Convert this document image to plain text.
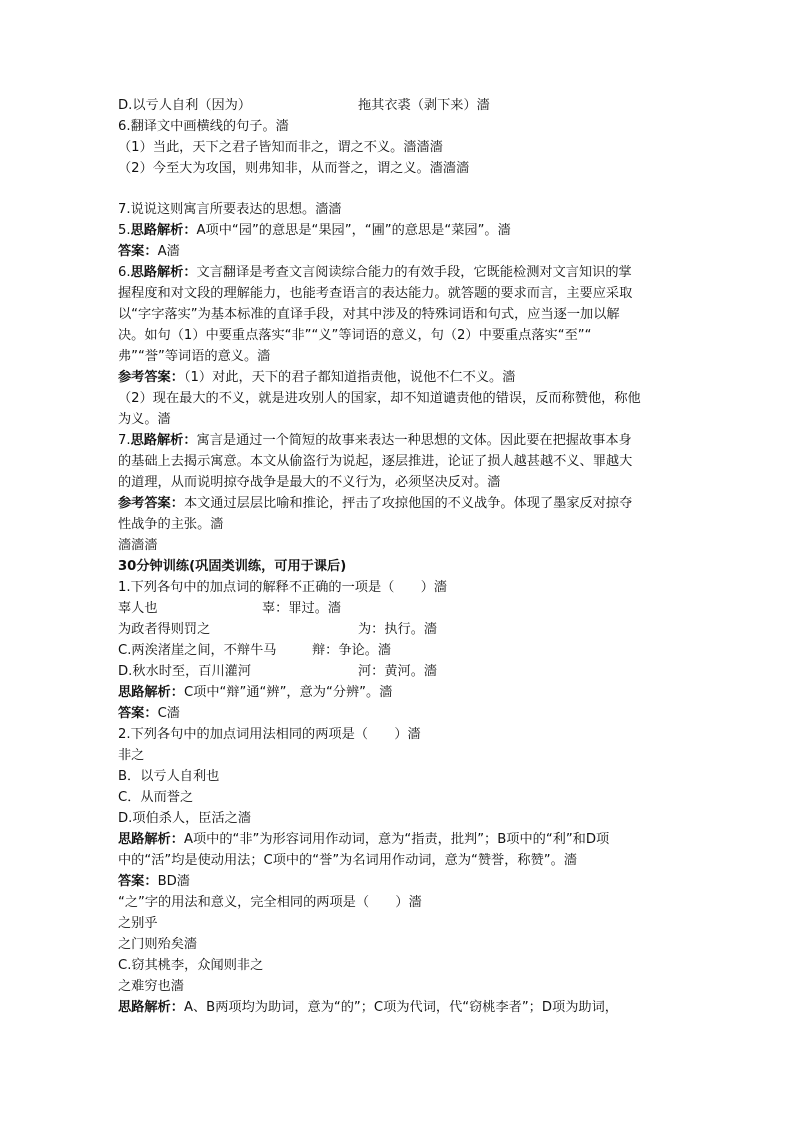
D.以亏人自利（因为）	拖其衣裘（剥下来）濇
6.翻译文中画横线的句子。濇
（1）当此，天下之君子皆知而非之，谓之不义。濇濇濇
（2）今至大为攻国，则弗知非，从而誉之，谓之义。濇濇濇
7.说说这则寓言所要表达的思想。濇濇
5.思路解析：A项中“园”的意思是“果园”，“圃”的意思是“菜园”。濇
答案：A濇
6.思路解析：文言翻译是考查文言阅读综合能力的有效手段，它既能检测对文言知识的掌
握程度和对文段的理解能力，也能考查语言的表达能力。就答题的要求而言，主要应采取
以“字字落实”为基本标准的直译手段，对其中涉及的特殊词语和句式，应当逐一加以解
决。如句（1）中要重点落实“非”“义”等词语的意义，句（2）中要重点落实“至”“
弗”“誉”等词语的意义。濇
参考答案：（1）对此，天下的君子都知道指责他，说他不仁不义。濇
（2）现在最大的不义，就是进攻别人的国家，却不知道谴责他的错误，反而称赞他，称他
为义。濇
7.思路解析：寓言是通过一个简短的故事来表达一种思想的文体。因此要在把握故事本身
的基础上去揭示寓意。本文从偷盗行为说起，逐层推进，论证了损人越甚越不义、罪越大
的道理，从而说明掠夺战争是最大的不义行为，必须坚决反对。濇
参考答案：本文通过层层比喻和推论，抨击了攻掠他国的不义战争。体现了墨家反对掠夺
性战争的主张。濇
濇濇濇
30分钟训练(巩固类训练，可用于课后)
1.下列各句中的加点词的解释不正确的一项是（　　）濇
辜人也	辜：罪过。濇
为政者得则罚之	为：执行。濇
C.两涘渚崖之间，不辩牛马	辩：争论。濇
D.秋水时至，百川灌河	河：黄河。濇
思路解析：C项中“辩”通“辨”，意为“分辨”。濇
答案：C濇
2.下列各句中的加点词用法相同的两项是（　　）濇
非之
B．以亏人自利也
C．从而誉之
D.项伯杀人，臣活之濇
思路解析：A项中的“非”为形容词用作动词，意为“指责，批判”；B项中的“利”和D项
中的“活”均是使动用法；C项中的“誉”为名词用作动词，意为“赞誉，称赞”。濇
答案：BD濇
“之”字的用法和意义，完全相同的两项是（　　）濇
之别乎
之门则殆矣濇
C.窃其桃李，众闻则非之
之难穷也濇
思路解析：A、B两项均为助词，意为“的”；C项为代词，代“窃桃李者”；D项为助词，
